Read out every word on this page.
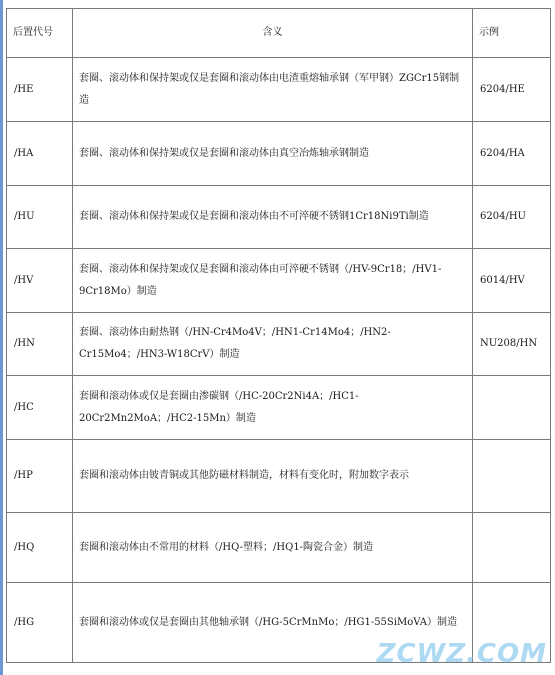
后置代号	含义	示例
/HE	套圈、滚动体和保持架或仅是套圈和滚动体由电渣重熔轴承钢（军甲钢）ZGCr15钢制造	6204/HE
/HA	套圈、滚动体和保持架或仅是套圈和滚动体由真空冶炼轴承钢制造	6204/HA
/HU	套圈、滚动体和保持架或仅是套圈和滚动体由不可淬硬不锈钢1Cr18Ni9Ti制造	6204/HU
/HV	套圈、滚动体和保持架或仅是套圈和滚动体由可淬硬不锈钢（/HV-9Cr18；/HV1-9Cr18Mo）制造	6014/HV
/HN	套圈、滚动体由耐热钢（/HN-Cr4Mo4V；/HN1-Cr14Mo4；/HN2-Cr15Mo4；/HN3-W18CrV）制造	NU208/HN
/HC	套圈和滚动体或仅是套圈由渗碳钢（/HC-20Cr2Ni4A；/HC1-20Cr2Mn2MoA；/HC2-15Mn）制造	
/HP	套圈和滚动体由铍青铜或其他防磁材料制造，材料有变化时，附加数字表示	
/HQ	套圈和滚动体由不常用的材料（/HQ-塑料；/HQ1-陶瓷合金）制造	
/HG	套圈和滚动体或仅是套圈由其他轴承钢（/HG-5CrMnMo；/HG1-55SiMoVA）制造	
ZCWZ.COM
